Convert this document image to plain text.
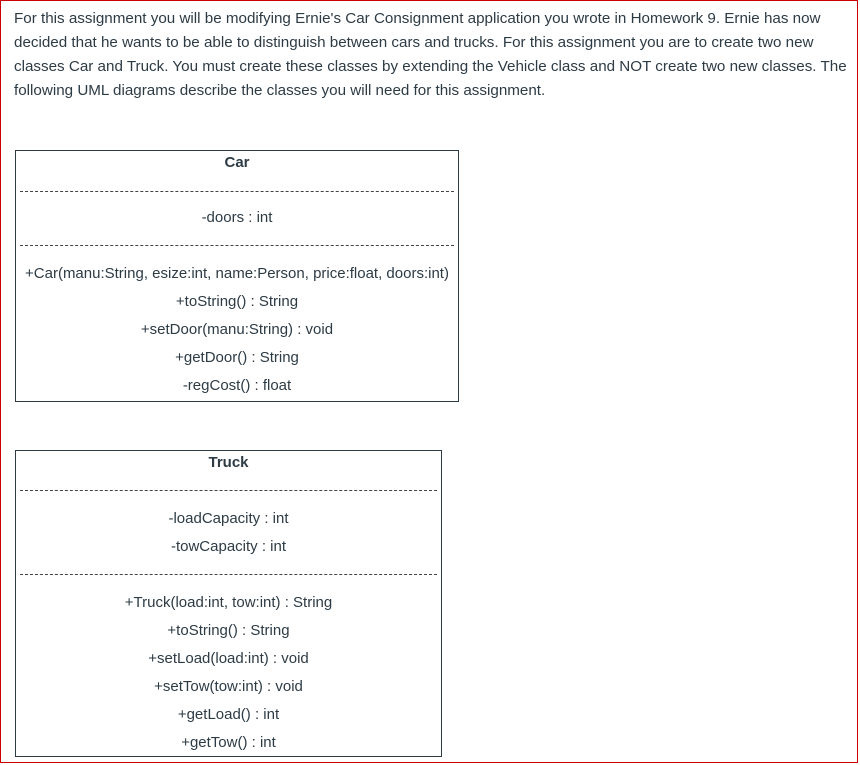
For this assignment you will be modifying Ernie's Car Consignment application you wrote in Homework 9. Ernie has now decided that he wants to be able to distinguish between cars and trucks. For this assignment you are to create two new classes Car and Truck. You must create these classes by extending the Vehicle class and NOT create two new classes. The following UML diagrams describe the classes you will need for this assignment.

Car
-doors : int
+Car(manu:String, esize:int, name:Person, price:float, doors:int)
+toString() : String
+setDoor(manu:String) : void
+getDoor() : String
-regCost() : float
Truck
-loadCapacity : int
-towCapacity : int
+Truck(load:int, tow:int) : String
+toString() : String
+setLoad(load:int) : void
+setTow(tow:int) : void
+getLoad() : int
+getTow() : int
